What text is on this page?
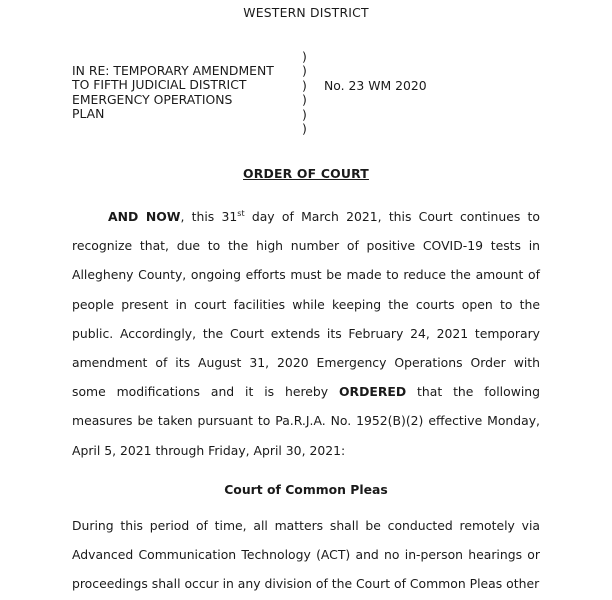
WESTERN DISTRICT
IN RE: TEMPORARY AMENDMENT
TO FIFTH JUDICIAL DISTRICT
EMERGENCY OPERATIONS
PLAN
)
)
)
)
)
)
No. 23 WM 2020
ORDER OF COURT

AND NOW, this 31st day of March 2021, this Court continues to recognize that, due to the high number of positive COVID-19 tests in Allegheny County, ongoing efforts must be made to reduce the amount of people present in court facilities while keeping the courts open to the public. Accordingly, the Court extends its February 24, 2021 temporary amendment of its August 31, 2020 Emergency Operations Order with some modifications and it is hereby ORDERED that the following measures be taken pursuant to Pa.R.J.A. No. 1952(B)(2) effective Monday, April 5, 2021 through Friday, April 30, 2021:

Court of Common Pleas

During this period of time, all matters shall be conducted remotely via Advanced Communication Technology (ACT) and no in-person hearings or proceedings shall occur in any division of the Court of Common Pleas other
